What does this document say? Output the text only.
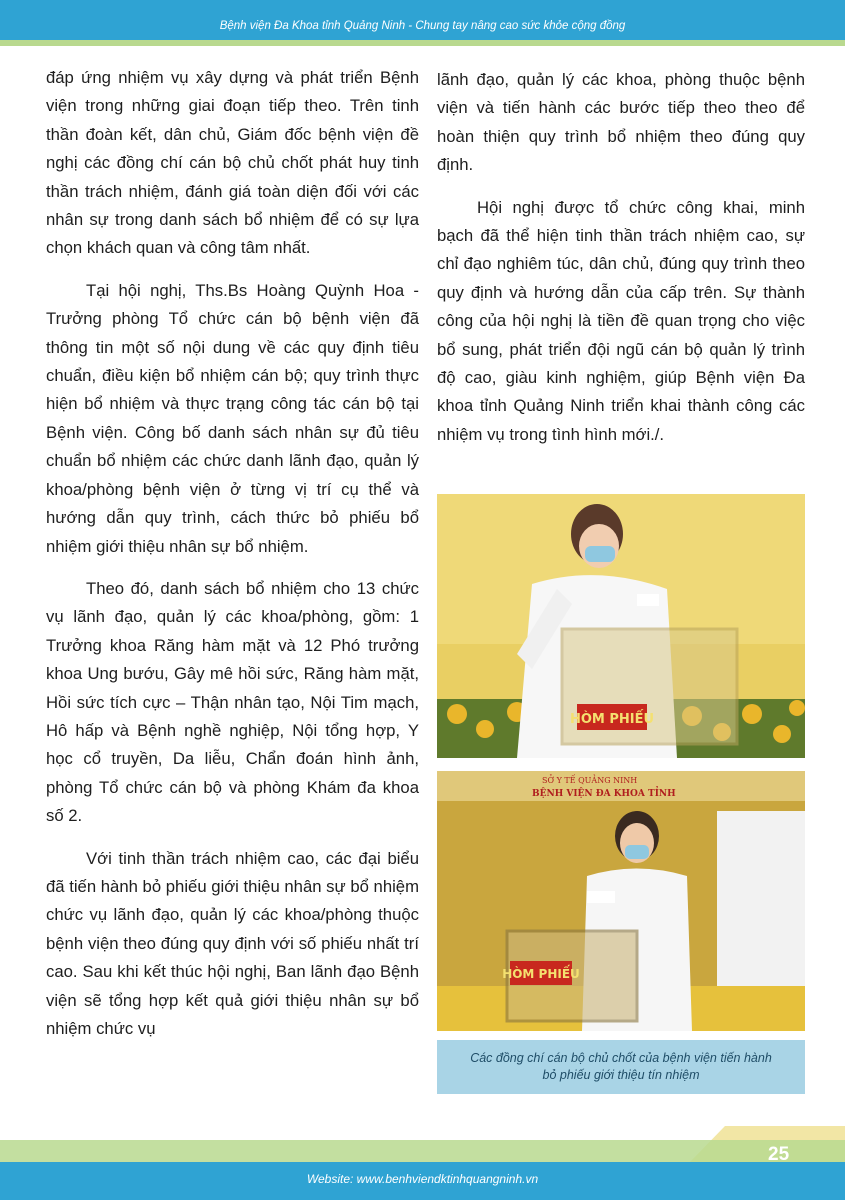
Bệnh viện Đa Khoa tỉnh Quảng Ninh - Chung tay nâng cao sức khỏe cộng đồng

đáp ứng nhiệm vụ xây dựng và phát triển Bệnh viện trong những giai đoạn tiếp theo. Trên tinh thần đoàn kết, dân chủ, Giám đốc bệnh viện đề nghị các đồng chí cán bộ chủ chốt phát huy tinh thần trách nhiệm, đánh giá toàn diện đối với các nhân sự trong danh sách bổ nhiệm để có sự lựa chọn khách quan và công tâm nhất.

Tại hội nghị, Ths.Bs Hoàng Quỳnh Hoa - Trưởng phòng Tổ chức cán bộ bệnh viện đã thông tin một số nội dung về các quy định tiêu chuẩn, điều kiện bổ nhiệm cán bộ; quy trình thực hiện bổ nhiệm và thực trạng công tác cán bộ tại Bệnh viện. Công bố danh sách nhân sự đủ tiêu chuẩn bổ nhiệm các chức danh lãnh đạo, quản lý khoa/phòng bệnh viện ở từng vị trí cụ thể và hướng dẫn quy trình, cách thức bỏ phiếu bổ nhiệm giới thiệu nhân sự bổ nhiệm.

Theo đó, danh sách bổ nhiệm cho 13 chức vụ lãnh đạo, quản lý các khoa/phòng, gồm: 1 Trưởng khoa Răng hàm mặt và 12 Phó trưởng khoa Ung bướu, Gây mê hồi sức, Răng hàm mặt, Hồi sức tích cực – Thận nhân tạo, Nội Tim mạch, Hô hấp và Bệnh nghề nghiệp, Nội tổng hợp, Y học cổ truyền, Da liễu, Chẩn đoán hình ảnh, phòng Tổ chức cán bộ và phòng Khám đa khoa số 2.

Với tinh thần trách nhiệm cao, các đại biểu đã tiến hành bỏ phiếu giới thiệu nhân sự bổ nhiệm chức vụ lãnh đạo, quản lý các khoa/phòng thuộc bệnh viện theo đúng quy định với số phiếu nhất trí cao. Sau khi kết thúc hội nghị, Ban lãnh đạo Bệnh viện sẽ tổng hợp kết quả giới thiệu nhân sự bổ nhiệm chức vụ

lãnh đạo, quản lý các khoa, phòng thuộc bệnh viện và tiến hành các bước tiếp theo theo để hoàn thiện quy trình bổ nhiệm theo đúng quy định.

Hội nghị được tổ chức công khai, minh bạch đã thể hiện tinh thần trách nhiệm cao, sự chỉ đạo nghiêm túc, dân chủ, đúng quy trình theo quy định và hướng dẫn của cấp trên. Sự thành công của hội nghị là tiền đề quan trọng cho việc bổ sung, phát triển đội ngũ cán bộ quản lý trình độ cao, giàu kinh nghiệm, giúp Bệnh viện Đa khoa tỉnh Quảng Ninh triển khai thành công các nhiệm vụ trong tình hình mới./.

HÒM PHIẾU
SỞ Y TẾ QUẢNG NINH
BỆNH VIỆN ĐA KHOA TỈNH
HÒM PHIẾU
Các đồng chí cán bộ chủ chốt của bệnh viện tiến hành
bỏ phiếu giới thiệu tín nhiệm
Website: www.benhviendktinhquangninh.vn
25
